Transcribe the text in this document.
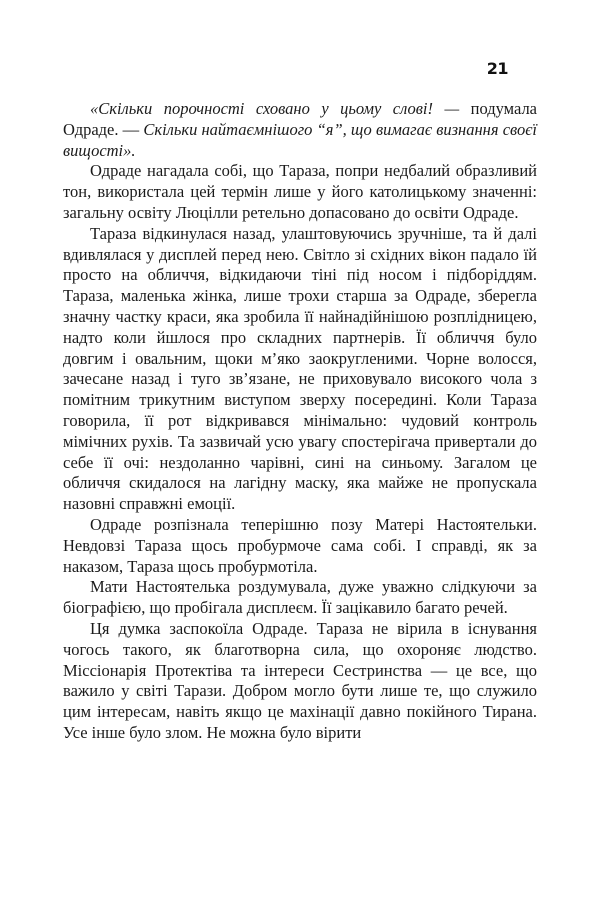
21

«Скільки порочності сховано у цьому слові! — подумала Одраде. — Скільки найтаємнішого “я”, що вимагає визнання своєї вищості».

Одраде нагадала собі, що Тараза, попри недбалий образливий тон, використала цей термін лише у його католицькому значенні: загальну освіту Люцілли ретельно допасовано до освіти Одраде.

Тараза відкинулася назад, улаштовуючись зручніше, та й далі вдивлялася у дисплей перед нею. Світло зі східних вікон падало їй просто на обличчя, відкидаючи тіні під носом і підборіддям. Тараза, маленька жінка, лише трохи старша за Одраде, зберегла значну частку краси, яка зробила її найнадійнішою розплідницею, надто коли йшлося про складних партнерів. Її обличчя було довгим і овальним, щоки м’яко заокругленими. Чорне волосся, зачесане назад і туго зв’язане, не приховувало високого чола з помітним трикутним виступом зверху посередині. Коли Тараза говорила, її рот відкривався мінімально: чудовий контроль мімічних рухів. Та зазвичай усю увагу спостерігача привертали до себе її очі: нездоланно чарівні, сині на синьому. Загалом це обличчя скидалося на лагідну маску, яка майже не пропускала назовні справжні емоції.

Одраде розпізнала теперішню позу Матері Настоятельки. Невдовзі Тараза щось пробурмоче сама собі. І справді, як за наказом, Тараза щось пробурмотіла.

Мати Настоятелька роздумувала, дуже уважно слідкуючи за біографією, що пробігала дисплеєм. Її зацікавило багато речей.

Ця думка заспокоїла Одраде. Тараза не вірила в існування чогось такого, як благотворна сила, що охороняє людство. Міссіонарія Протектіва та інтереси Сестринства — це все, що важило у світі Тарази. Добром могло бути лише те, що служило цим інтересам, навіть якщо це махінації давно покійного Тирана. Усе інше було злом. Не можна було вірити
